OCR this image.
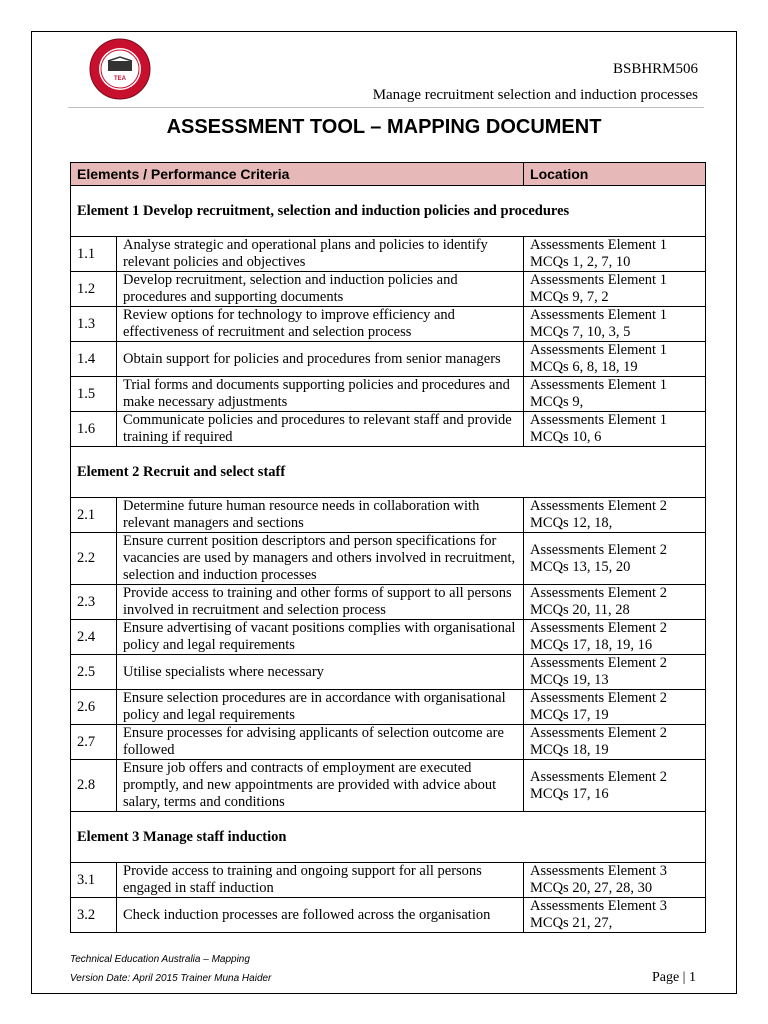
TEA
BSBHRM506
Manage recruitment selection and induction processes
ASSESSMENT TOOL – MAPPING DOCUMENT
Elements / Performance Criteria		Location
Element 1 Develop recruitment, selection and induction policies and procedures		
1.1	Analyse strategic and operational plans and policies to identify relevant policies and objectives	Assessments Element 1
MCQs 1, 2, 7, 10

1.2	Develop recruitment, selection and induction policies and procedures and supporting documents	Assessments Element 1
MCQs 9, 7, 2

1.3	Review options for technology to improve efficiency and effectiveness of recruitment and selection process	Assessments Element 1
MCQs 7, 10, 3, 5

1.4	Obtain support for policies and procedures from senior managers	Assessments Element 1
MCQs 6, 8, 18, 19

1.5	Trial forms and documents supporting policies and procedures and make necessary adjustments	Assessments Element 1
MCQs 9,

1.6	Communicate policies and procedures to relevant staff and provide training if required	Assessments Element 1
MCQs 10, 6

Element 2 Recruit and select staff		
2.1	Determine future human resource needs in collaboration with relevant managers and sections	Assessments Element 2
MCQs 12, 18,

2.2	Ensure current position descriptors and person specifications for vacancies are used by managers and others involved in recruitment, selection and induction processes	Assessments Element 2
MCQs 13, 15, 20

2.3	Provide access to training and other forms of support to all persons involved in recruitment and selection process	Assessments Element 2
MCQs 20, 11, 28

2.4	Ensure advertising of vacant positions complies with organisational policy and legal requirements	Assessments Element 2
MCQs 17, 18, 19, 16

2.5	Utilise specialists where necessary	Assessments Element 2
MCQs 19, 13

2.6	Ensure selection procedures are in accordance with organisational policy and legal requirements	Assessments Element 2
MCQs 17, 19

2.7	Ensure processes for advising applicants of selection outcome are followed	Assessments Element 2
MCQs 18, 19

2.8	Ensure job offers and contracts of employment are executed promptly, and new appointments are provided with advice about salary, terms and conditions	Assessments Element 2
MCQs 17, 16

Element 3 Manage staff induction		
3.1	Provide access to training and ongoing support for all persons engaged in staff induction	Assessments Element 3
MCQs 20, 27, 28, 30

3.2	Check induction processes are followed across the organisation	Assessments Element 3
MCQs 21, 27,
Technical Education Australia – Mapping
Version Date: April 2015 Trainer Muna Haider	Page | 1
